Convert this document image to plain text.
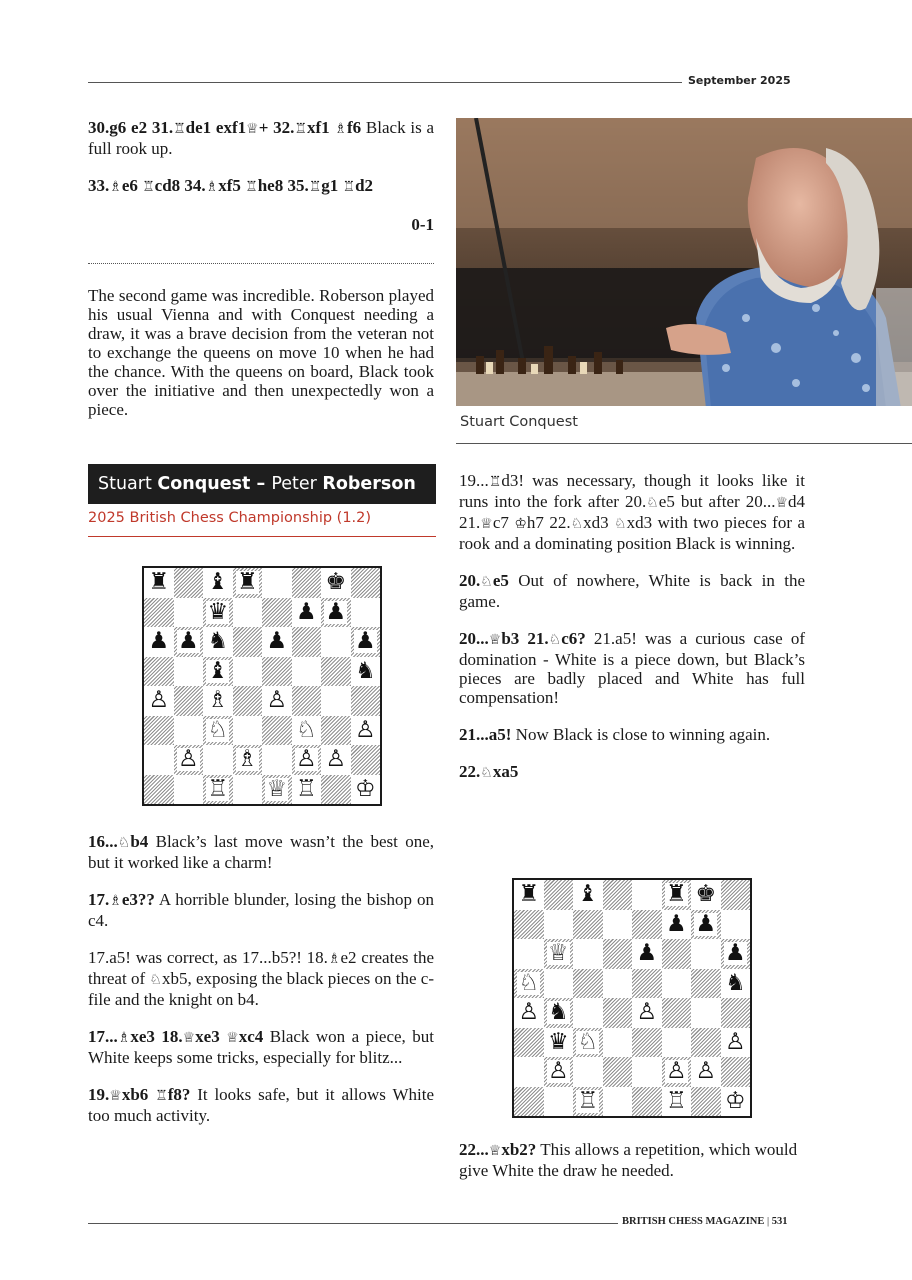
September 2025

30.g6 e2 31.♖de1 exf1♕+ 32.♖xf1 ♗f6 Black is a full rook up.

33.♗e6 ♖cd8 34.♗xf5 ♖he8 35.♖g1 ♖d2

0-1

The second game was incredible. Roberson played his usual Vienna and with Conquest needing a draw, it was a brave decision from the veteran not to exchange the queens on move 10 when he had the chance. With the queens on board, Black took over the initiative and then unexpectedly won a piece.

Stuart Conquest – Peter Roberson
2025 British Chess Championship (1.2)
♜ ♝ ♜	♚
♛	♟ ♟
♟ ♟ ♞ ♟	♟
♝	♞
♙ ♗ ♙
♘	♘ ♙
♙ ♗ ♙ ♙
♖ ♕ ♖ ♔

16...♘b4 Black’s last move wasn’t the best one, but it worked like a charm!

17.♗e3?? A horrible blunder, losing the bishop on c4.

17.a5! was correct, as 17...b5?! 18.♗e2 creates the threat of ♘xb5, exposing the black pieces on the c-file and the knight on b4.

17...♗xe3 18.♕xe3 ♕xc4 Black won a piece, but White keeps some tricks, especially for blitz...

19.♕xb6 ♖f8? It looks safe, but it allows White too much activity.

Stuart Conquest

19...♖d3! was necessary, though it looks like it runs into the fork after 20.♘e5 but after 20...♕d4 21.♕c7 ♔h7 22.♘xd3 ♘xd3 with two pieces for a rook and a dominating position Black is winning.

20.♘e5 Out of nowhere, White is back in the game.

20...♕b3 21.♘c6? 21.a5! was a curious case of domination - White is a piece down, but Black’s pieces are badly placed and White has full compensation!

21...a5! Now Black is close to winning again.

22.♘xa5

♜ ♝	♜ ♚
♟ ♟
♕	♟	♟
♘	♞
♙ ♞	♙
♛ ♘	♙
♙	♙ ♙
♖	♖ ♔

22...♕xb2? This allows a repetition, which would give White the draw he needed.

BRITISH CHESS MAGAZINE | 531
